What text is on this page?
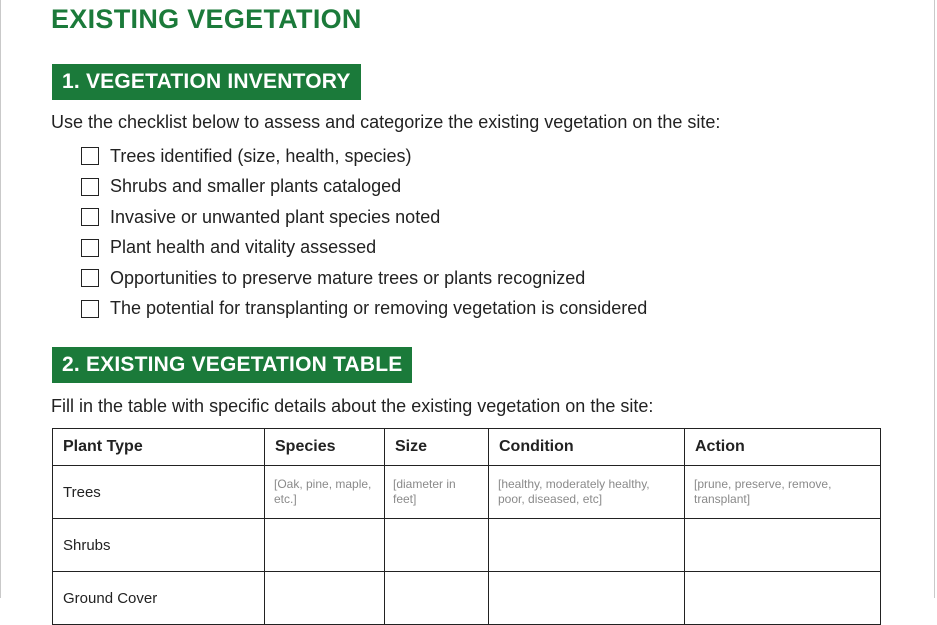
EXISTING VEGETATION
1. VEGETATION INVENTORY
Use the checklist below to assess and categorize the existing vegetation on the site:
Trees identified (size, health, species)
Shrubs and smaller plants cataloged
Invasive or unwanted plant species noted
Plant health and vitality assessed
Opportunities to preserve mature trees or plants recognized
The potential for transplanting or removing vegetation is considered
2. EXISTING VEGETATION TABLE
Fill in the table with specific details about the existing vegetation on the site:
Plant Type	Species	Size	Condition	Action
Trees	[Oak, pine, maple, etc.]	[diameter in feet]	[healthy, moderately healthy, poor, diseased, etc]	[prune, preserve, remove, transplant]
Shrubs				
Ground Cover				
